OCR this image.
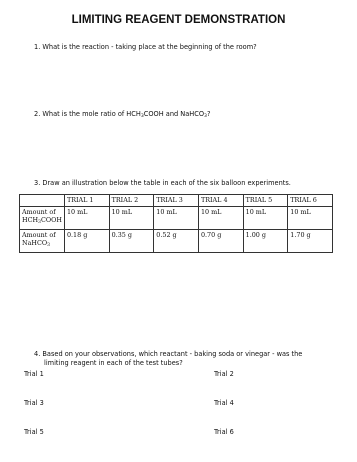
LIMITING REAGENT DEMONSTRATION
1. What is the reaction - taking place at the beginning of the room?
2. What is the mole ratio of $HCH_3COOH$ and NaHCO$_3$?
3. Draw an illustration below the table in each of the six balloon experiments.
	TRIAL 1	TRIAL 2	TRIAL 3	TRIAL 4	TRIAL 5	TRIAL 6
Amount of
$HCH_3COOH$	10 mL	10 mL	10 mL	10 mL	10 mL	10 mL
Amount of
NaHCO$_3$	0.18 g	0.35 g	0.52 g	0.70 g	1.00 g	1.70 g
4. Based on your observations, which reactant - baking soda or vinegar - was the
limiting reagent in each of the test tubes?
Trial 1	Trial 2
Trial 3	Trial 4
Trial 5	Trial 6
